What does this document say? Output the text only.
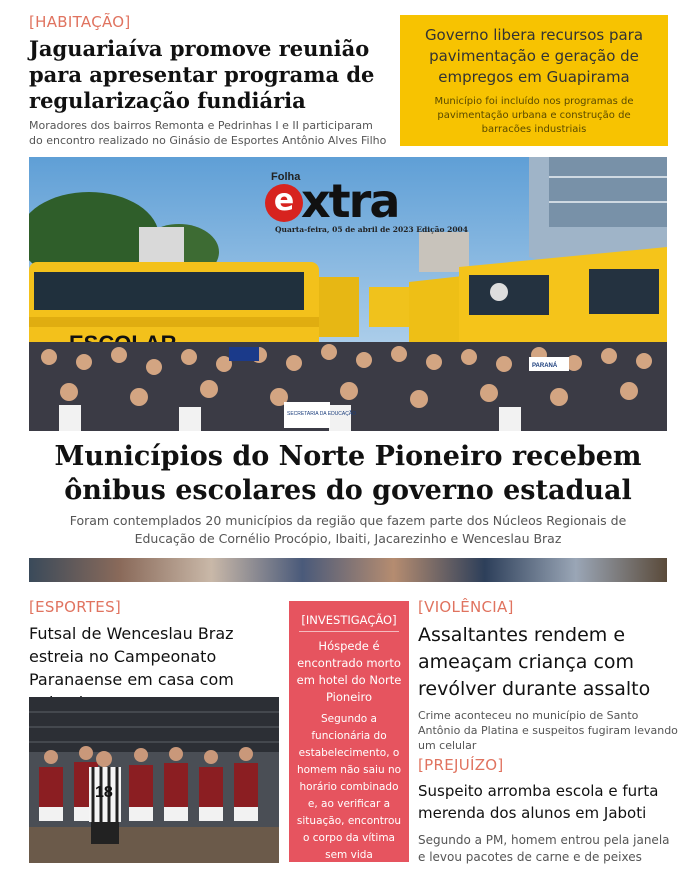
[HABITAÇÃO]
Jaguariaíva promove reunião para apresentar programa de regularização fundiária
Moradores dos bairros Remonta e Pedrinhas I e II participaram do encontro realizado no Ginásio de Esportes Antônio Alves Filho
Governo libera recursos para pavimentação e geração de empregos em Guapirama
Município foi incluído nos programas de pavimentação urbana e construção de barracões industriais
SECRETARIA DA EDUCAÇÃO
PARANÁ
Folha
e xtra
Quarta-feira, 05 de abril de 2023 Edição 2004
Municípios do Norte Pioneiro recebem ônibus escolares do governo estadual
Foram contemplados 20 municípios da região que fazem parte dos Núcleos Regionais de Educação de Cornélio Procópio, Ibaiti, Jacarezinho e Wenceslau Braz
[ESPORTES]
Futsal de Wenceslau Braz estreia no Campeonato Paranaense em casa com
18
[INVESTIGAÇÃO]
Hóspede é encontrado morto em hotel do Norte Pioneiro
Segundo a funcionária do estabelecimento, o homem não saiu no horário combinado e, ao verificar a situação, encontrou o corpo da vítima sem vida
[VIOLÊNCIA]
Assaltantes rendem e ameaçam criança com revólver durante assalto
Crime aconteceu no município de Santo Antônio da Platina e suspeitos fugiram levando um celular
[PREJUÍZO]
Suspeito arromba escola e furta merenda dos alunos em Jaboti
Segundo a PM, homem entrou pela janela e levou pacotes de carne e de peixes
